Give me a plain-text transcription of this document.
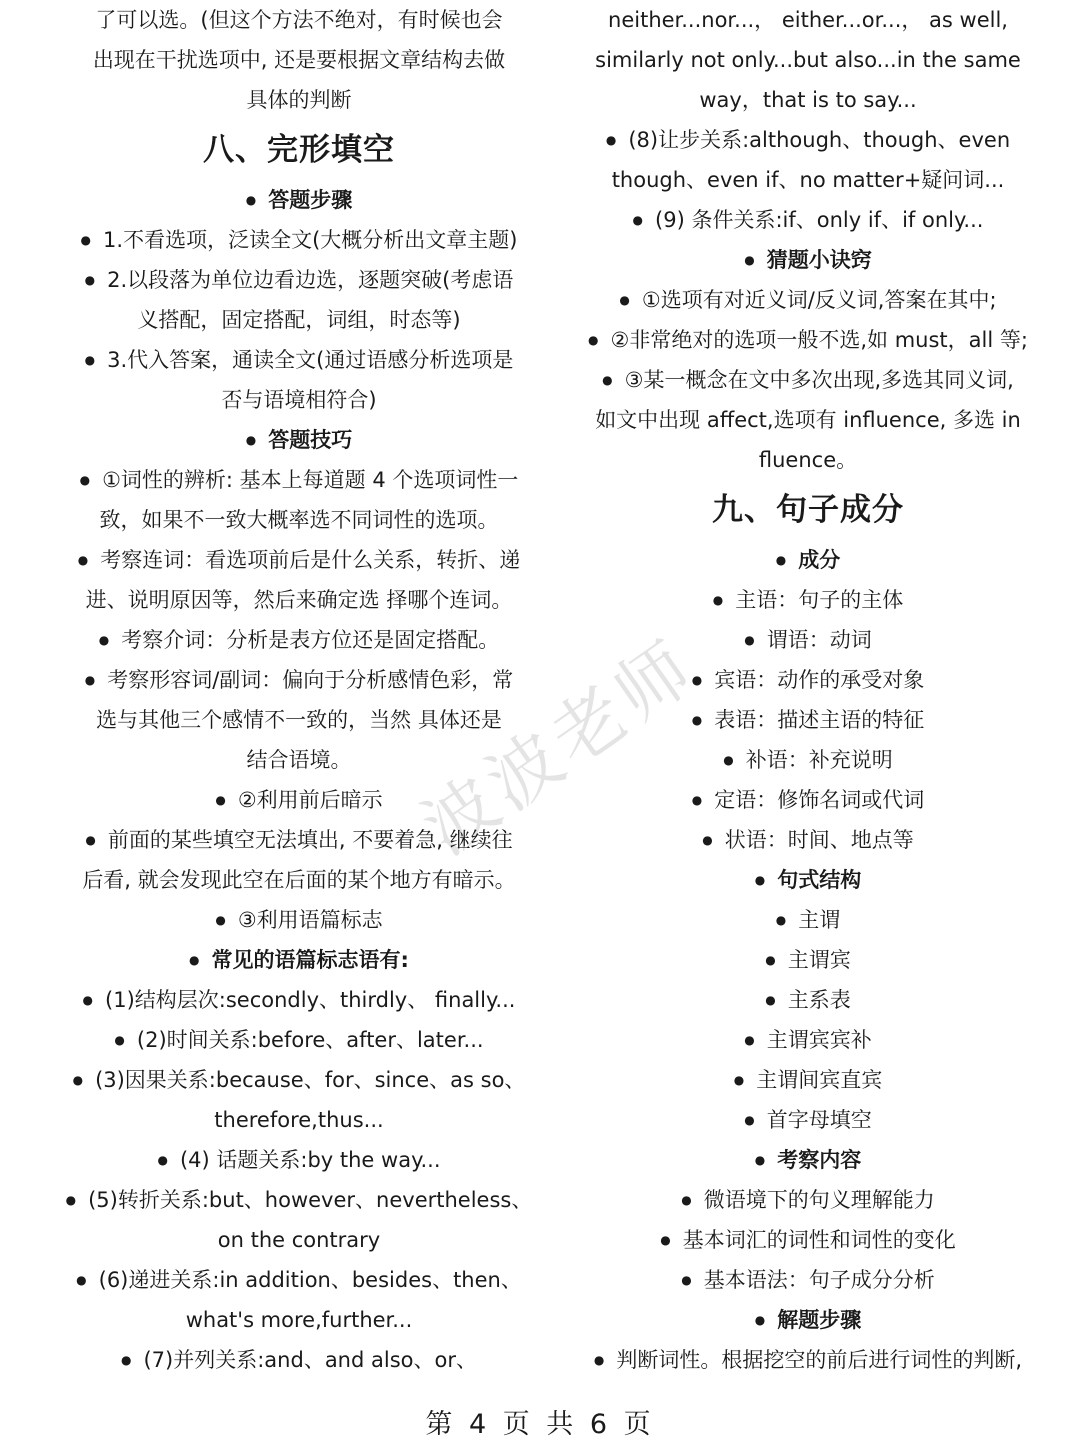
了可以选。(但这个方法不绝对，有时候也会
出现在干扰选项中, 还是要根据文章结构去做
具体的判断
八、完形填空
● 答题步骤
● 1.不看选项，泛读全文(大概分析出文章主题)
● 2.以段落为单位边看边选，逐题突破(考虑语
义搭配，固定搭配，词组，时态等)
● 3.代入答案，通读全文(通过语感分析选项是
否与语境相符合)
● 答题技巧
● ①词性的辨析: 基本上每道题 4 个选项词性一
致，如果不一致大概率选不同词性的选项。
● 考察连词：看选项前后是什么关系，转折、递
进、说明原因等，然后来确定选 择哪个连词。
● 考察介词：分析是表方位还是固定搭配。
● 考察形容词/副词：偏向于分析感情色彩，常
选与其他三个感情不一致的，当然 具体还是
结合语境。
● ②利用前后暗示
● 前面的某些填空无法填出, 不要着急, 继续往
后看, 就会发现此空在后面的某个地方有暗示。
● ③利用语篇标志
● 常见的语篇标志语有:
● (1)结构层次:secondly、thirdly、 finally...
● (2)时间关系:before、after、later...
● (3)因果关系:because、for、since、as so、
therefore,thus...
● (4) 话题关系:by the way...
● (5)转折关系:but、however、nevertheless、
on the contrary
● (6)递进关系:in addition、besides、then、
what's more,further...
● (7)并列关系:and、and also、or、
neither...nor...， either...or...， as well,
similarly not only...but also...in the same
way，that is to say...
● (8)让步关系:although、though、even
though、even if、no matter+疑问词...
● (9) 条件关系:if、only if、if only...
● 猜题小诀窍
● ①选项有对近义词/反义词,答案在其中;
● ②非常绝对的选项一般不选,如 must，all 等;
● ③某一概念在文中多次出现,多选其同义词,
如文中出现 affect,选项有 influence, 多选 in
fluence。
九、句子成分
● 成分
● 主语：句子的主体
● 谓语：动词
● 宾语：动作的承受对象
● 表语：描述主语的特征
● 补语：补充说明
● 定语：修饰名词或代词
● 状语：时间、地点等
● 句式结构
● 主谓
● 主谓宾
● 主系表
● 主谓宾宾补
● 主谓间宾直宾
● 首字母填空
● 考察内容
● 微语境下的句义理解能力
● 基本词汇的词性和词性的变化
● 基本语法：句子成分分析
● 解题步骤
● 判断词性。根据挖空的前后进行词性的判断,
波波老师
第 4 页 共 6 页
